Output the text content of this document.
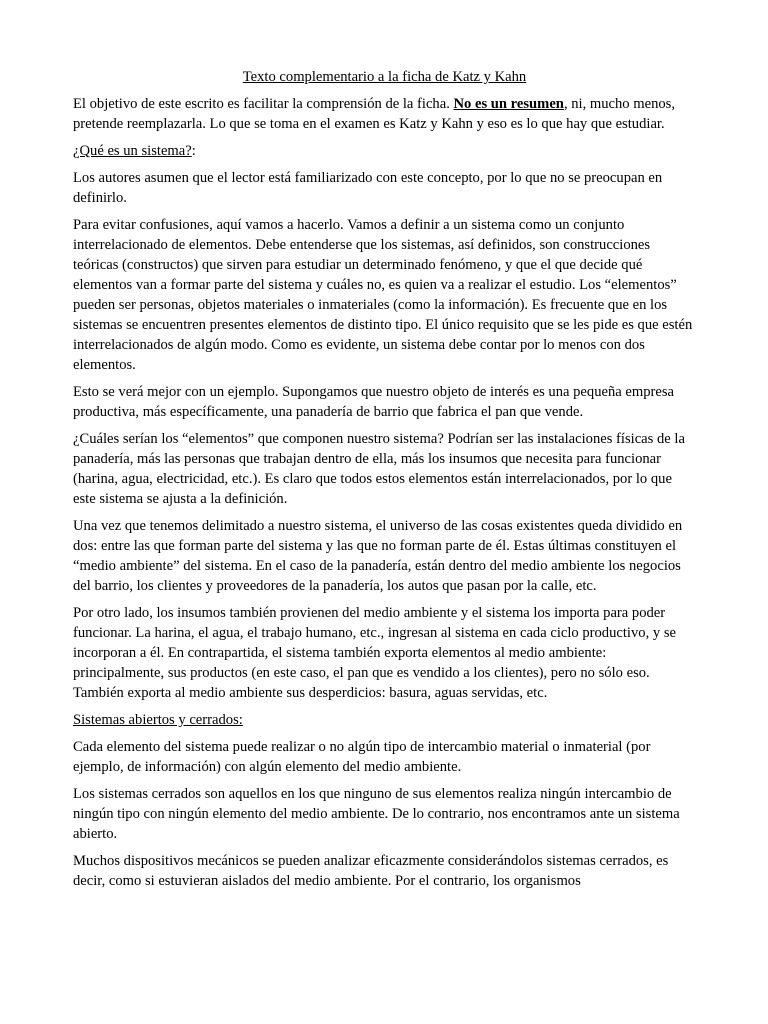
Texto complementario a la ficha de Katz y Kahn

El objetivo de este escrito es facilitar la comprensión de la ficha. No es un resumen, ni, mucho menos, pretende reemplazarla. Lo que se toma en el examen es Katz y Kahn y eso es lo que hay que estudiar.

¿Qué es un sistema?:

Los autores asumen que el lector está familiarizado con este concepto, por lo que no se preocupan en definirlo.

Para evitar confusiones, aquí vamos a hacerlo. Vamos a definir a un sistema como un conjunto interrelacionado de elementos. Debe entenderse que los sistemas, así definidos, son construcciones teóricas (constructos) que sirven para estudiar un determinado fenómeno, y que el que decide qué elementos van a formar parte del sistema y cuáles no, es quien va a realizar el estudio. Los “elementos” pueden ser personas, objetos materiales o inmateriales (como la información). Es frecuente que en los sistemas se encuentren presentes elementos de distinto tipo. El único requisito que se les pide es que estén interrelacionados de algún modo. Como es evidente, un sistema debe contar por lo menos con dos elementos.

Esto se verá mejor con un ejemplo. Supongamos que nuestro objeto de interés es una pequeña empresa productiva, más específicamente, una panadería de barrio que fabrica el pan que vende.

¿Cuáles serían los “elementos” que componen nuestro sistema? Podrían ser las instalaciones físicas de la panadería, más las personas que trabajan dentro de ella, más los insumos que necesita para funcionar (harina, agua, electricidad, etc.). Es claro que todos estos elementos están interrelacionados, por lo que este sistema se ajusta a la definición.

Una vez que tenemos delimitado a nuestro sistema, el universo de las cosas existentes queda dividido en dos: entre las que forman parte del sistema y las que no forman parte de él. Estas últimas constituyen el “medio ambiente” del sistema. En el caso de la panadería, están dentro del medio ambiente los negocios del barrio, los clientes y proveedores de la panadería, los autos que pasan por la calle, etc.

Por otro lado, los insumos también provienen del medio ambiente y el sistema los importa para poder funcionar. La harina, el agua, el trabajo humano, etc., ingresan al sistema en cada ciclo productivo, y se incorporan a él. En contrapartida, el sistema también exporta elementos al medio ambiente: principalmente, sus productos (en este caso, el pan que es vendido a los clientes), pero no sólo eso. También exporta al medio ambiente sus desperdicios: basura, aguas servidas, etc.

Sistemas abiertos y cerrados:

Cada elemento del sistema puede realizar o no algún tipo de intercambio material o inmaterial (por ejemplo, de información) con algún elemento del medio ambiente.

Los sistemas cerrados son aquellos en los que ninguno de sus elementos realiza ningún intercambio de ningún tipo con ningún elemento del medio ambiente. De lo contrario, nos encontramos ante un sistema abierto.

Muchos dispositivos mecánicos se pueden analizar eficazmente considerándolos sistemas cerrados, es decir, como si estuvieran aislados del medio ambiente. Por el contrario, los organismos
